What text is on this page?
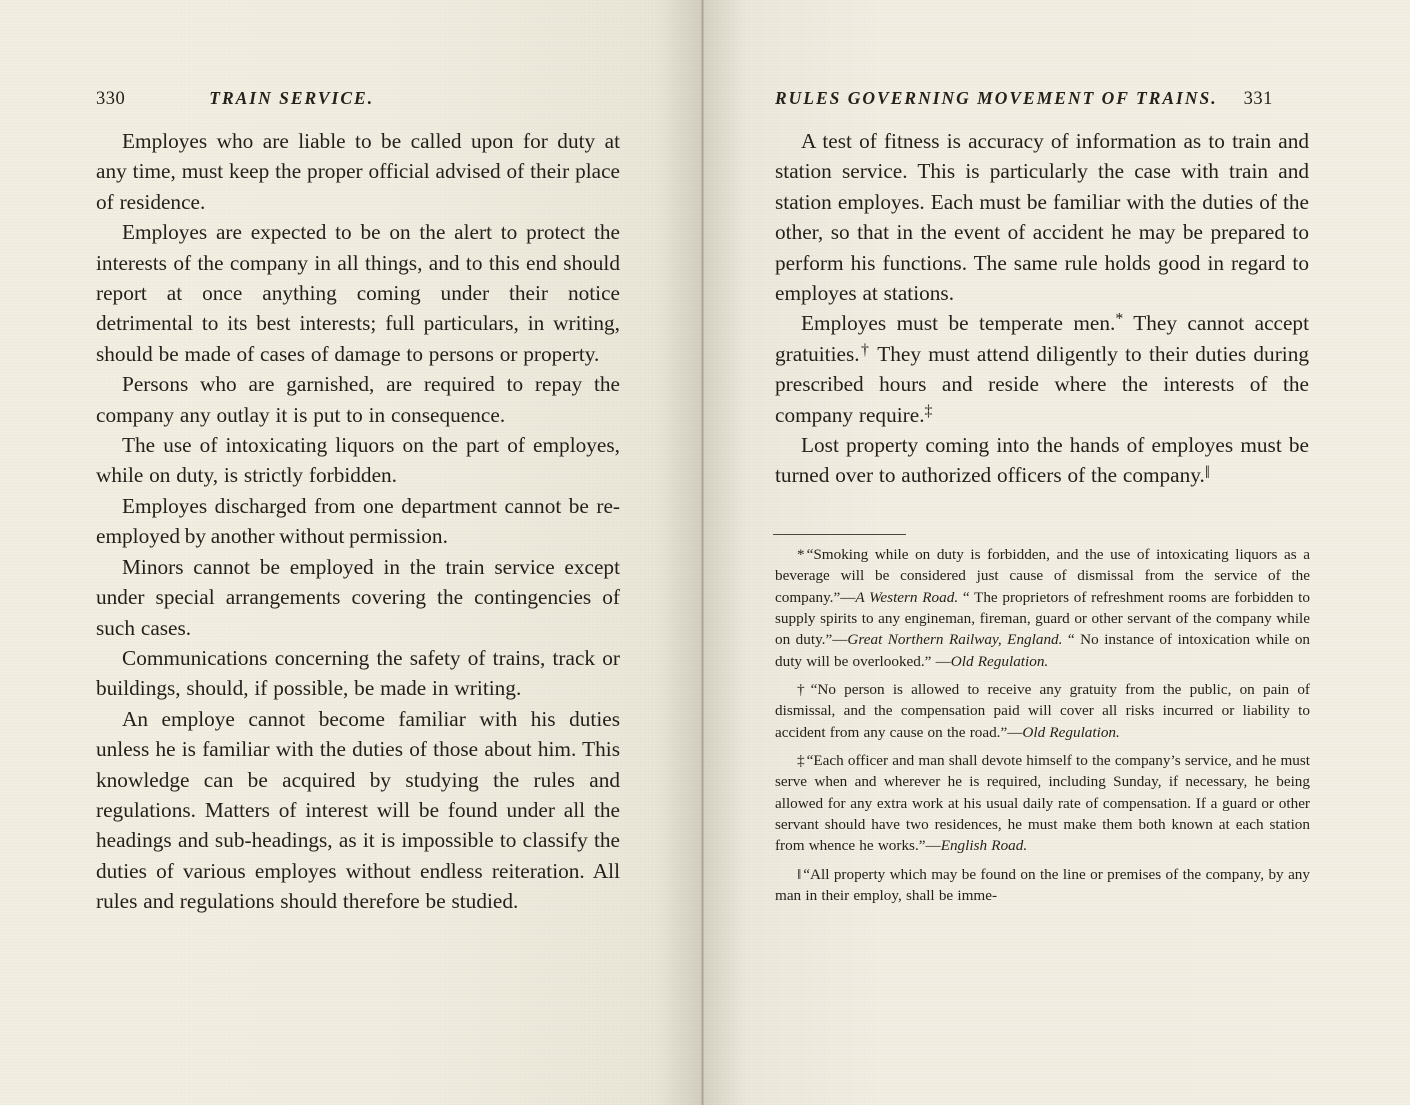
330	TRAIN SERVICE.

Employes who are liable to be called upon for duty at any time, must keep the proper official advised of their place of residence.

Employes are expected to be on the alert to protect the interests of the company in all things, and to this end should report at once anything coming under their notice detrimental to its best interests; full particulars, in writing, should be made of cases of damage to persons or property.

Persons who are garnished, are required to repay the company any outlay it is put to in consequence.

The use of intoxicating liquors on the part of employes, while on duty, is strictly forbidden.

Employes discharged from one department cannot be re-employed by another without permission.

Minors cannot be employed in the train service except under special arrangements covering the contingencies of such cases.

Communications concerning the safety of trains, track or buildings, should, if possible, be made in writing.

An employe cannot become familiar with his duties unless he is familiar with the duties of those about him. This knowledge can be acquired by studying the rules and regulations. Matters of interest will be found under all the headings and sub-headings, as it is impossible to classify the duties of various employes without endless reiteration. All rules and regulations should therefore be studied.

RULES GOVERNING MOVEMENT OF TRAINS. 331

A test of fitness is accuracy of information as to train and station service. This is particularly the case with train and station employes. Each must be familiar with the duties of the other, so that in the event of accident he may be prepared to perform his functions. The same rule holds good in regard to employes at stations.

Employes must be temperate men.* They cannot accept gratuities.† They must attend diligently to their duties during prescribed hours and reside where the interests of the company require.‡

Lost property coming into the hands of employes must be turned over to authorized officers of the company.‖

* “Smoking while on duty is forbidden, and the use of intoxicating liquors as a beverage will be considered just cause of dismissal from the service of the company.”—A Western Road. “ The proprietors of refreshment rooms are forbidden to supply spirits to any engineman, fireman, guard or other servant of the company while on duty.”—Great Northern Railway, England. “ No instance of intoxication while on duty will be overlooked.” —Old Regulation.

† “No person is allowed to receive any gratuity from the public, on pain of dismissal, and the compensation paid will cover all risks incurred or liability to accident from any cause on the road.”—Old Regulation.

‡ “Each officer and man shall devote himself to the company’s service, and he must serve when and wherever he is required, including Sunday, if necessary, he being allowed for any extra work at his usual daily rate of compensation. If a guard or other servant should have two residences, he must make them both known at each station from whence he works.”—English Road.

‖ “All property which may be found on the line or premises of the company, by any man in their employ, shall be imme-
